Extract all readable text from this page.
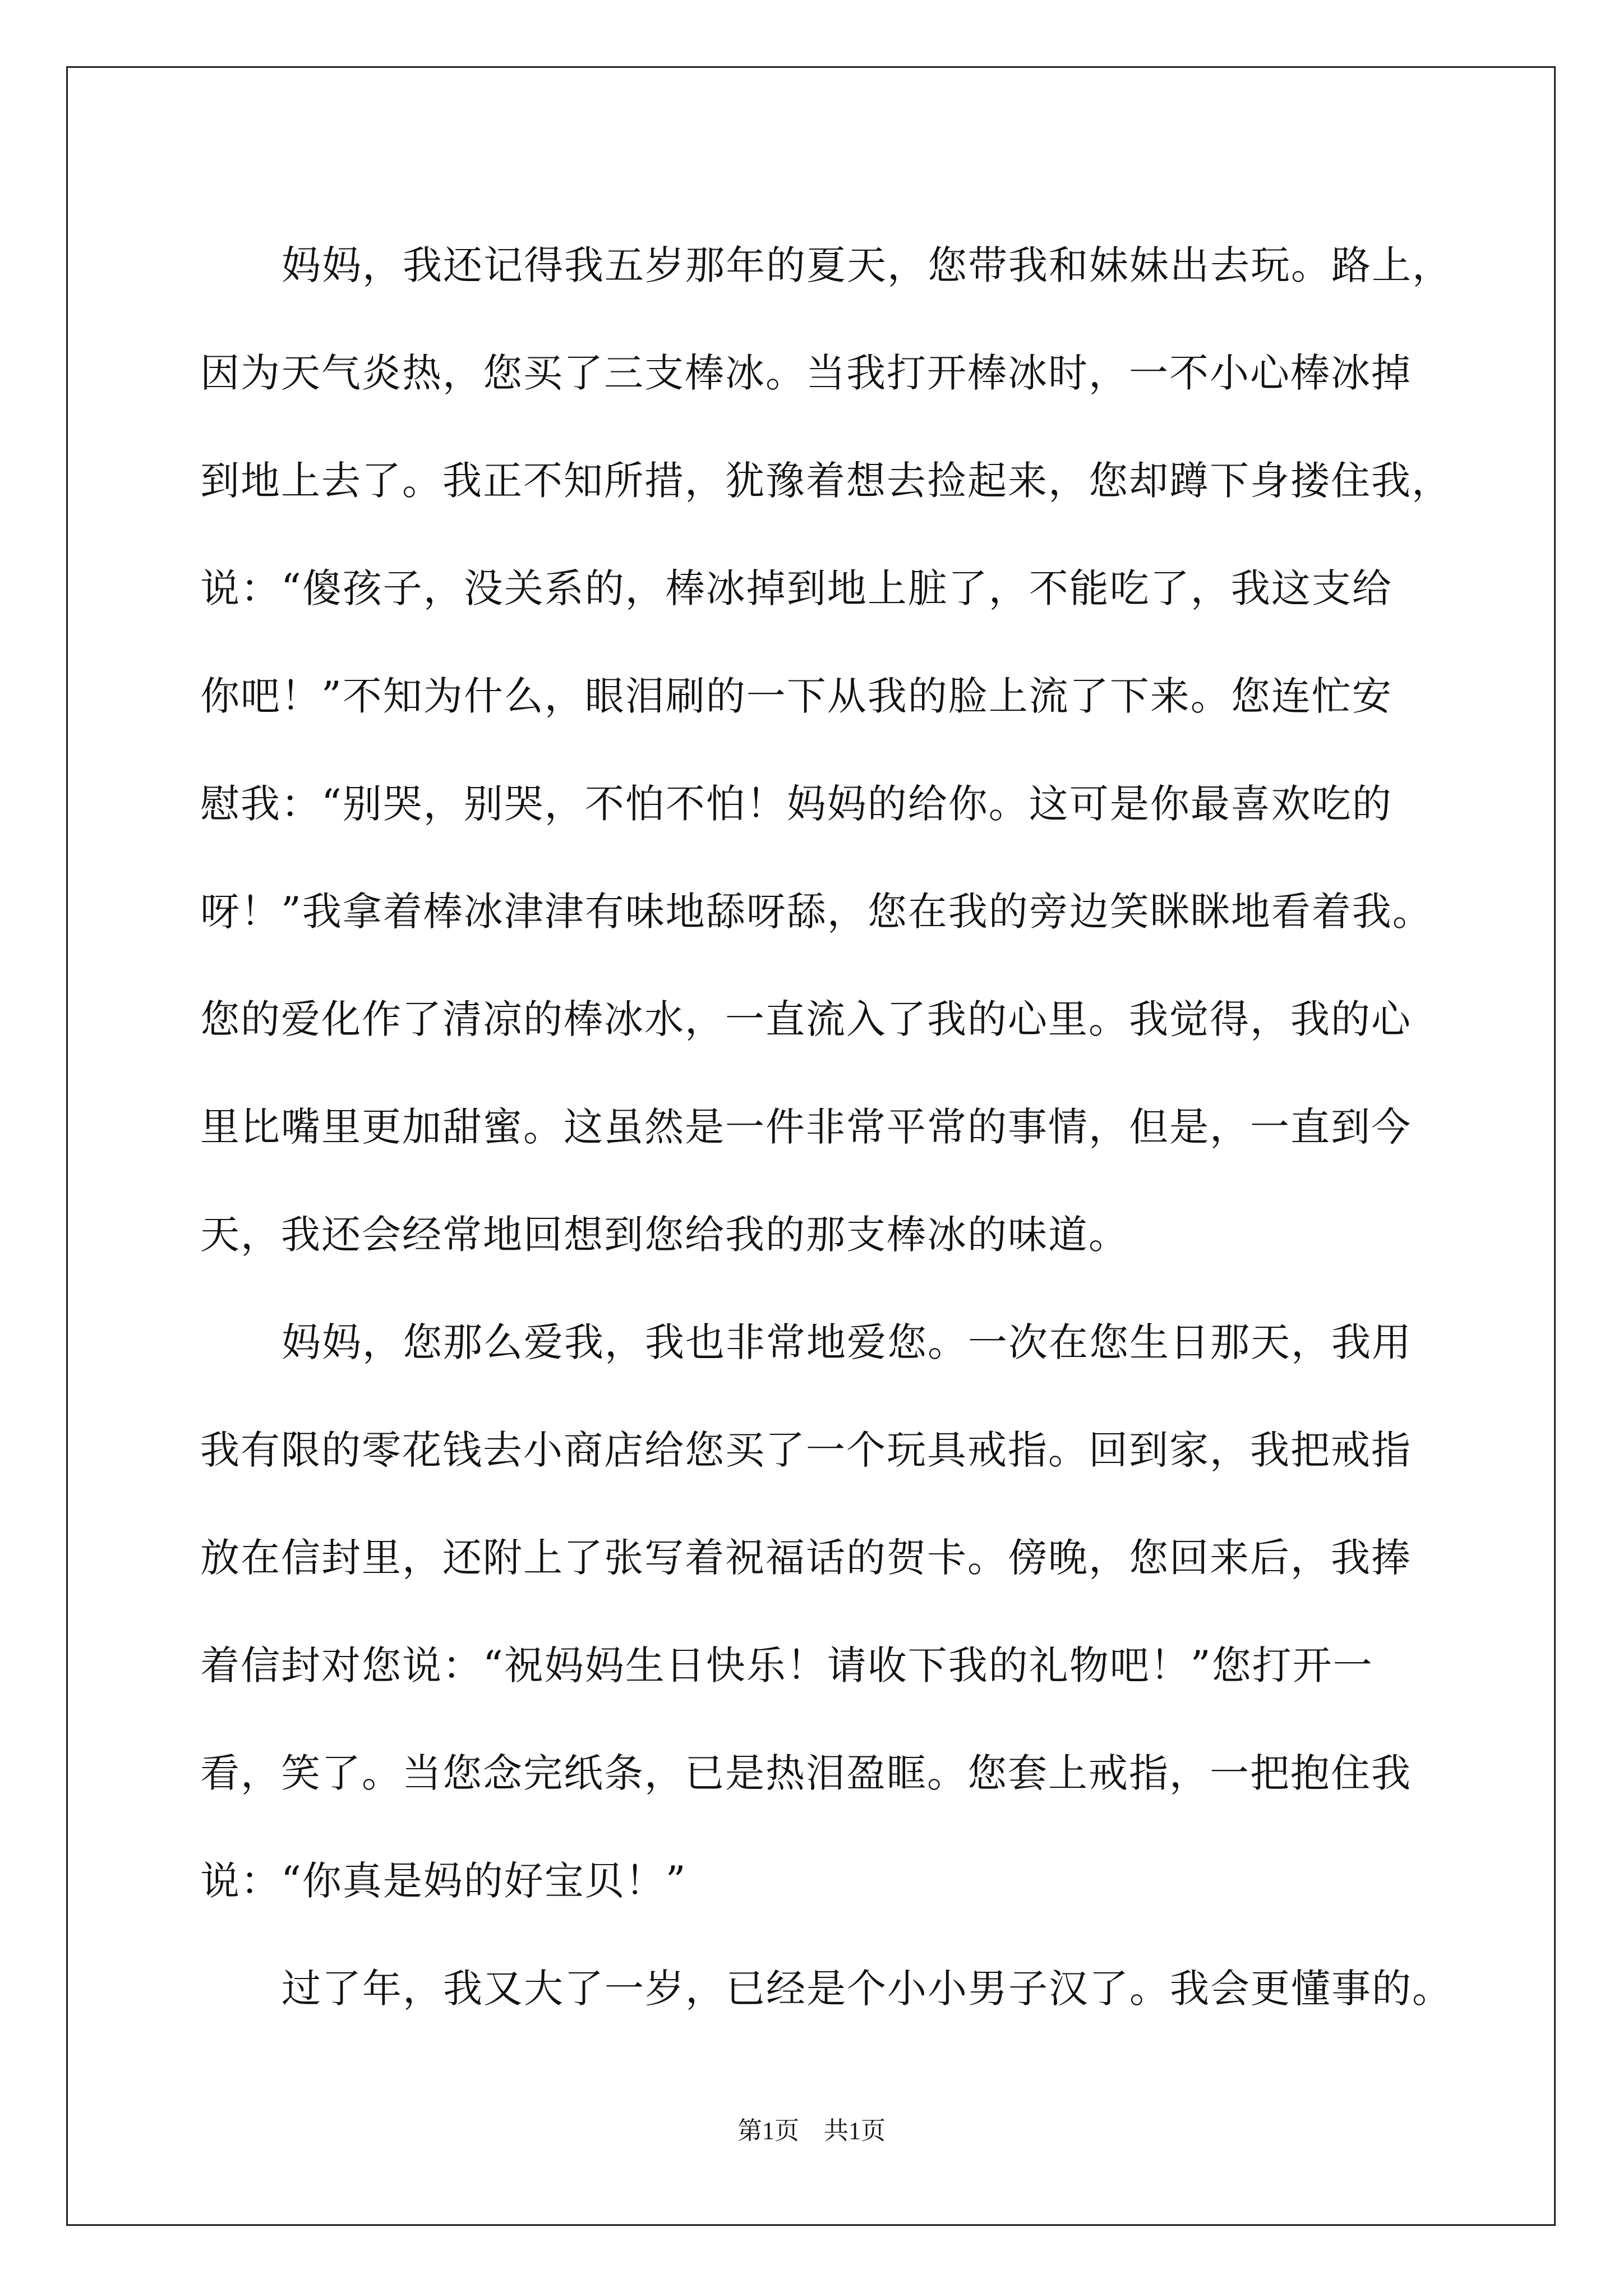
妈妈，我还记得我五岁那年的夏天，您带我和妹妹出去玩。路上，
因为天气炎热，您买了三支棒冰。当我打开棒冰时，一不小心棒冰掉
到地上去了。我正不知所措，犹豫着想去捡起来，您却蹲下身搂住我，
说：“傻孩子，没关系的，棒冰掉到地上脏了，不能吃了，我这支给
你吧！”不知为什么，眼泪刷的一下从我的脸上流了下来。您连忙安
慰我：“别哭，别哭，不怕不怕！妈妈的给你。这可是你最喜欢吃的
呀！”我拿着棒冰津津有味地舔呀舔，您在我的旁边笑眯眯地看着我。
您的爱化作了清凉的棒冰水，一直流入了我的心里。我觉得，我的心
里比嘴里更加甜蜜。这虽然是一件非常平常的事情，但是，一直到今
天，我还会经常地回想到您给我的那支棒冰的味道。
妈妈，您那么爱我，我也非常地爱您。一次在您生日那天，我用
我有限的零花钱去小商店给您买了一个玩具戒指。回到家，我把戒指
放在信封里，还附上了张写着祝福话的贺卡。傍晚，您回来后，我捧
着信封对您说：“祝妈妈生日快乐！请收下我的礼物吧！”您打开一
看，笑了。当您念完纸条，已是热泪盈眶。您套上戒指，一把抱住我
说：“你真是妈的好宝贝！”
过了年，我又大了一岁，已经是个小小男子汉了。我会更懂事的。
第1页　共1页
